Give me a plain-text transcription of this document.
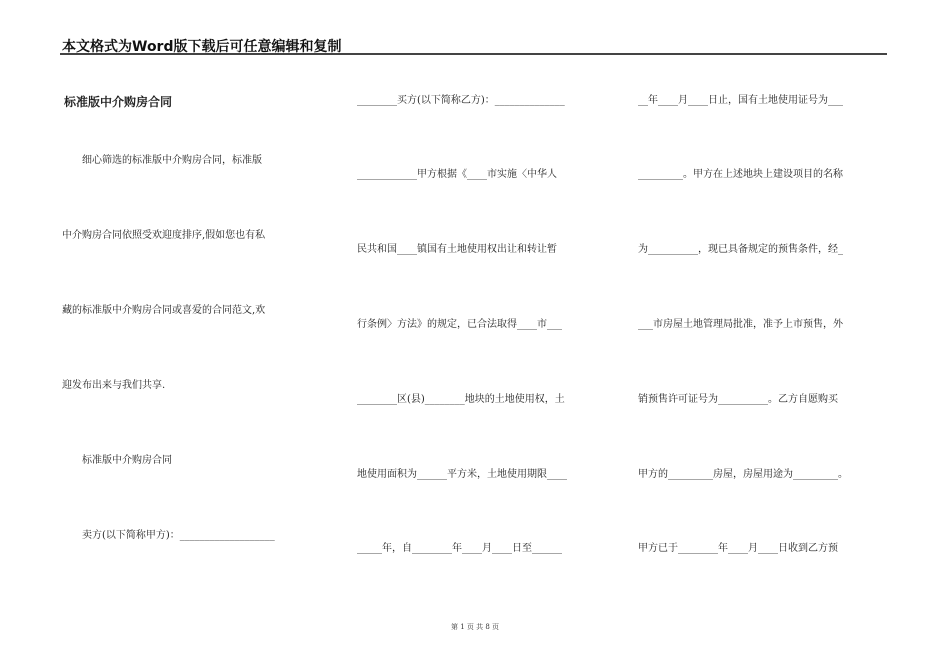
本文格式为Word版下载后可任意编辑和复制
标准版中介购房合同
　　细心筛选的标准版中介购房合同，标准版
中介购房合同依照受欢迎度排序,假如您也有私
藏的标准版中介购房合同或喜爱的合同范文,欢
迎发布出来与我们共享.
　　标准版中介购房合同
　　卖方(以下简称甲方)：___________________
________买方(以下简称乙方)：______________
____________甲方根据《____市实施〈中华人
民共和国____镇国有土地使用权出让和转让暂
行条例〉方法》的规定，已合法取得____市___
________区(县)________地块的土地使用权，土
地使用面积为______平方米，土地使用期限____
_____年，自________年____月____日至______
__年____月____日止，国有土地使用证号为___
_________。甲方在上述地块上建设项目的名称
为__________，现已具备规定的预售条件，经_
___市房屋土地管理局批准，准予上市预售，外
销预售许可证号为__________。乙方自愿购买
甲方的_________房屋，房屋用途为_________。
甲方已于________年____月____日收到乙方预
第 1 页 共 8 页
